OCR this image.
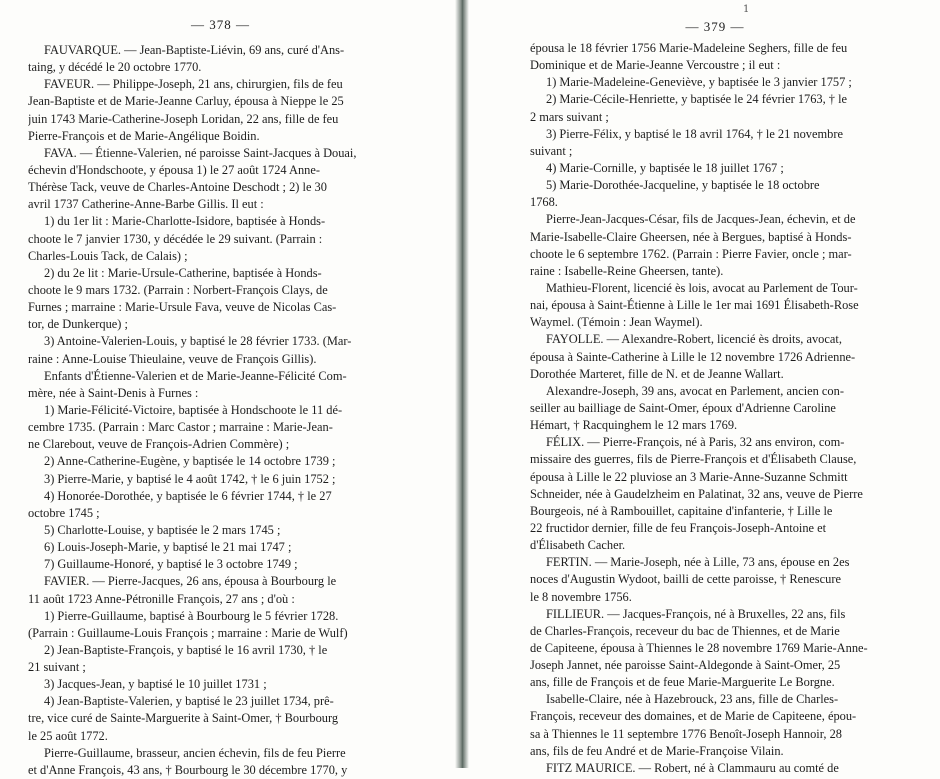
— 378 —
FAUVARQUE. — Jean-Baptiste-Liévin, 69 ans, curé d'Ans-
taing, y décédé le 20 octobre 1770.
FAVEUR. — Philippe-Joseph, 21 ans, chirurgien, fils de feu
Jean-Baptiste et de Marie-Jeanne Carluy, épousa à Nieppe le 25
juin 1743 Marie-Catherine-Joseph Loridan, 22 ans, fille de feu
Pierre-François et de Marie-Angélique Boidin.
FAVA. — Étienne-Valerien, né paroisse Saint-Jacques à Douai,
échevin d'Hondschoote, y épousa 1) le 27 août 1724 Anne-
Thérèse Tack, veuve de Charles-Antoine Deschodt ; 2) le 30
avril 1737 Catherine-Anne-Barbe Gillis. Il eut :
1) du 1er lit : Marie-Charlotte-Isidore, baptisée à Honds-
choote le 7 janvier 1730, y décédée le 29 suivant. (Parrain :
Charles-Louis Tack, de Calais) ;
2) du 2e lit : Marie-Ursule-Catherine, baptisée à Honds-
choote le 9 mars 1732. (Parrain : Norbert-François Clays, de
Furnes ; marraine : Marie-Ursule Fava, veuve de Nicolas Cas-
tor, de Dunkerque) ;
3) Antoine-Valerien-Louis, y baptisé le 28 février 1733. (Mar-
raine : Anne-Louise Thieulaine, veuve de François Gillis).
Enfants d'Étienne-Valerien et de Marie-Jeanne-Félicité Com-
mère, née à Saint-Denis à Furnes :
1) Marie-Félicité-Victoire, baptisée à Hondschoote le 11 dé-
cembre 1735. (Parrain : Marc Castor ; marraine : Marie-Jean-
ne Clarebout, veuve de François-Adrien Commère) ;
2) Anne-Catherine-Eugène, y baptisée le 14 octobre 1739 ;
3) Pierre-Marie, y baptisé le 4 août 1742, † le 6 juin 1752 ;
4) Honorée-Dorothée, y baptisée le 6 février 1744, † le 27
octobre 1745 ;
5) Charlotte-Louise, y baptisée le 2 mars 1745 ;
6) Louis-Joseph-Marie, y baptisé le 21 mai 1747 ;
7) Guillaume-Honoré, y baptisé le 3 octobre 1749 ;
FAVIER. — Pierre-Jacques, 26 ans, épousa à Bourbourg le
11 août 1723 Anne-Pétronille François, 27 ans ; d'où :
1) Pierre-Guillaume, baptisé à Bourbourg le 5 février 1728.
(Parrain : Guillaume-Louis François ; marraine : Marie de Wulf)
2) Jean-Baptiste-François, y baptisé le 16 avril 1730, † le
21 suivant ;
3) Jacques-Jean, y baptisé le 10 juillet 1731 ;
4) Jean-Baptiste-Valerien, y baptisé le 23 juillet 1734, prê-
tre, vice curé de Sainte-Marguerite à Saint-Omer, † Bourbourg
le 25 août 1772.
Pierre-Guillaume, brasseur, ancien échevin, fils de feu Pierre
et d'Anne François, 43 ans, † Bourbourg le 30 décembre 1770, y
1
— 379 —
épousa le 18 février 1756 Marie-Madeleine Seghers, fille de feu
Dominique et de Marie-Jeanne Vercoustre ; il eut :
1) Marie-Madeleine-Geneviève, y baptisée le 3 janvier 1757 ;
2) Marie-Cécile-Henriette, y baptisée le 24 février 1763, † le
2 mars suivant ;
3) Pierre-Félix, y baptisé le 18 avril 1764, † le 21 novembre
suivant ;
4) Marie-Cornille, y baptisée le 18 juillet 1767 ;
5) Marie-Dorothée-Jacqueline, y baptisée le 18 octobre
1768.
Pierre-Jean-Jacques-César, fils de Jacques-Jean, échevin, et de
Marie-Isabelle-Claire Gheersen, née à Bergues, baptisé à Honds-
choote le 6 septembre 1762. (Parrain : Pierre Favier, oncle ; mar-
raine : Isabelle-Reine Gheersen, tante).
Mathieu-Florent, licencié ès lois, avocat au Parlement de Tour-
nai, épousa à Saint-Étienne à Lille le 1er mai 1691 Élisabeth-Rose
Waymel. (Témoin : Jean Waymel).
FAYOLLE. — Alexandre-Robert, licencié ès droits, avocat,
épousa à Sainte-Catherine à Lille le 12 novembre 1726 Adrienne-
Dorothée Marteret, fille de N. et de Jeanne Wallart.
Alexandre-Joseph, 39 ans, avocat en Parlement, ancien con-
seiller au bailliage de Saint-Omer, époux d'Adrienne Caroline
Hémart, † Racquinghem le 12 mars 1769.
FÉLIX. — Pierre-François, né à Paris, 32 ans environ, com-
missaire des guerres, fils de Pierre-François et d'Élisabeth Clause,
épousa à Lille le 22 pluviose an 3 Marie-Anne-Suzanne Schmitt
Schneider, née à Gaudelzheim en Palatinat, 32 ans, veuve de Pierre
Bourgeois, né à Rambouillet, capitaine d'infanterie, † Lille le
22 fructidor dernier, fille de feu François-Joseph-Antoine et
d'Élisabeth Cacher.
FERTIN. — Marie-Joseph, née à Lille, 73 ans, épouse en 2es
noces d'Augustin Wydoot, bailli de cette paroisse, † Renescure
le 8 novembre 1756.
FILLIEUR. — Jacques-François, né à Bruxelles, 22 ans, fils
de Charles-François, receveur du bac de Thiennes, et de Marie
de Capiteene, épousa à Thiennes le 28 novembre 1769 Marie-Anne-
Joseph Jannet, née paroisse Saint-Aldegonde à Saint-Omer, 25
ans, fille de François et de feue Marie-Marguerite Le Borgne.
Isabelle-Claire, née à Hazebrouck, 23 ans, fille de Charles-
François, receveur des domaines, et de Marie de Capiteene, épou-
sa à Thiennes le 11 septembre 1776 Benoît-Joseph Hannoir, 28
ans, fils de feu André et de Marie-Françoise Vilain.
FITZ MAURICE. — Robert, né à Clammauru au comté de
